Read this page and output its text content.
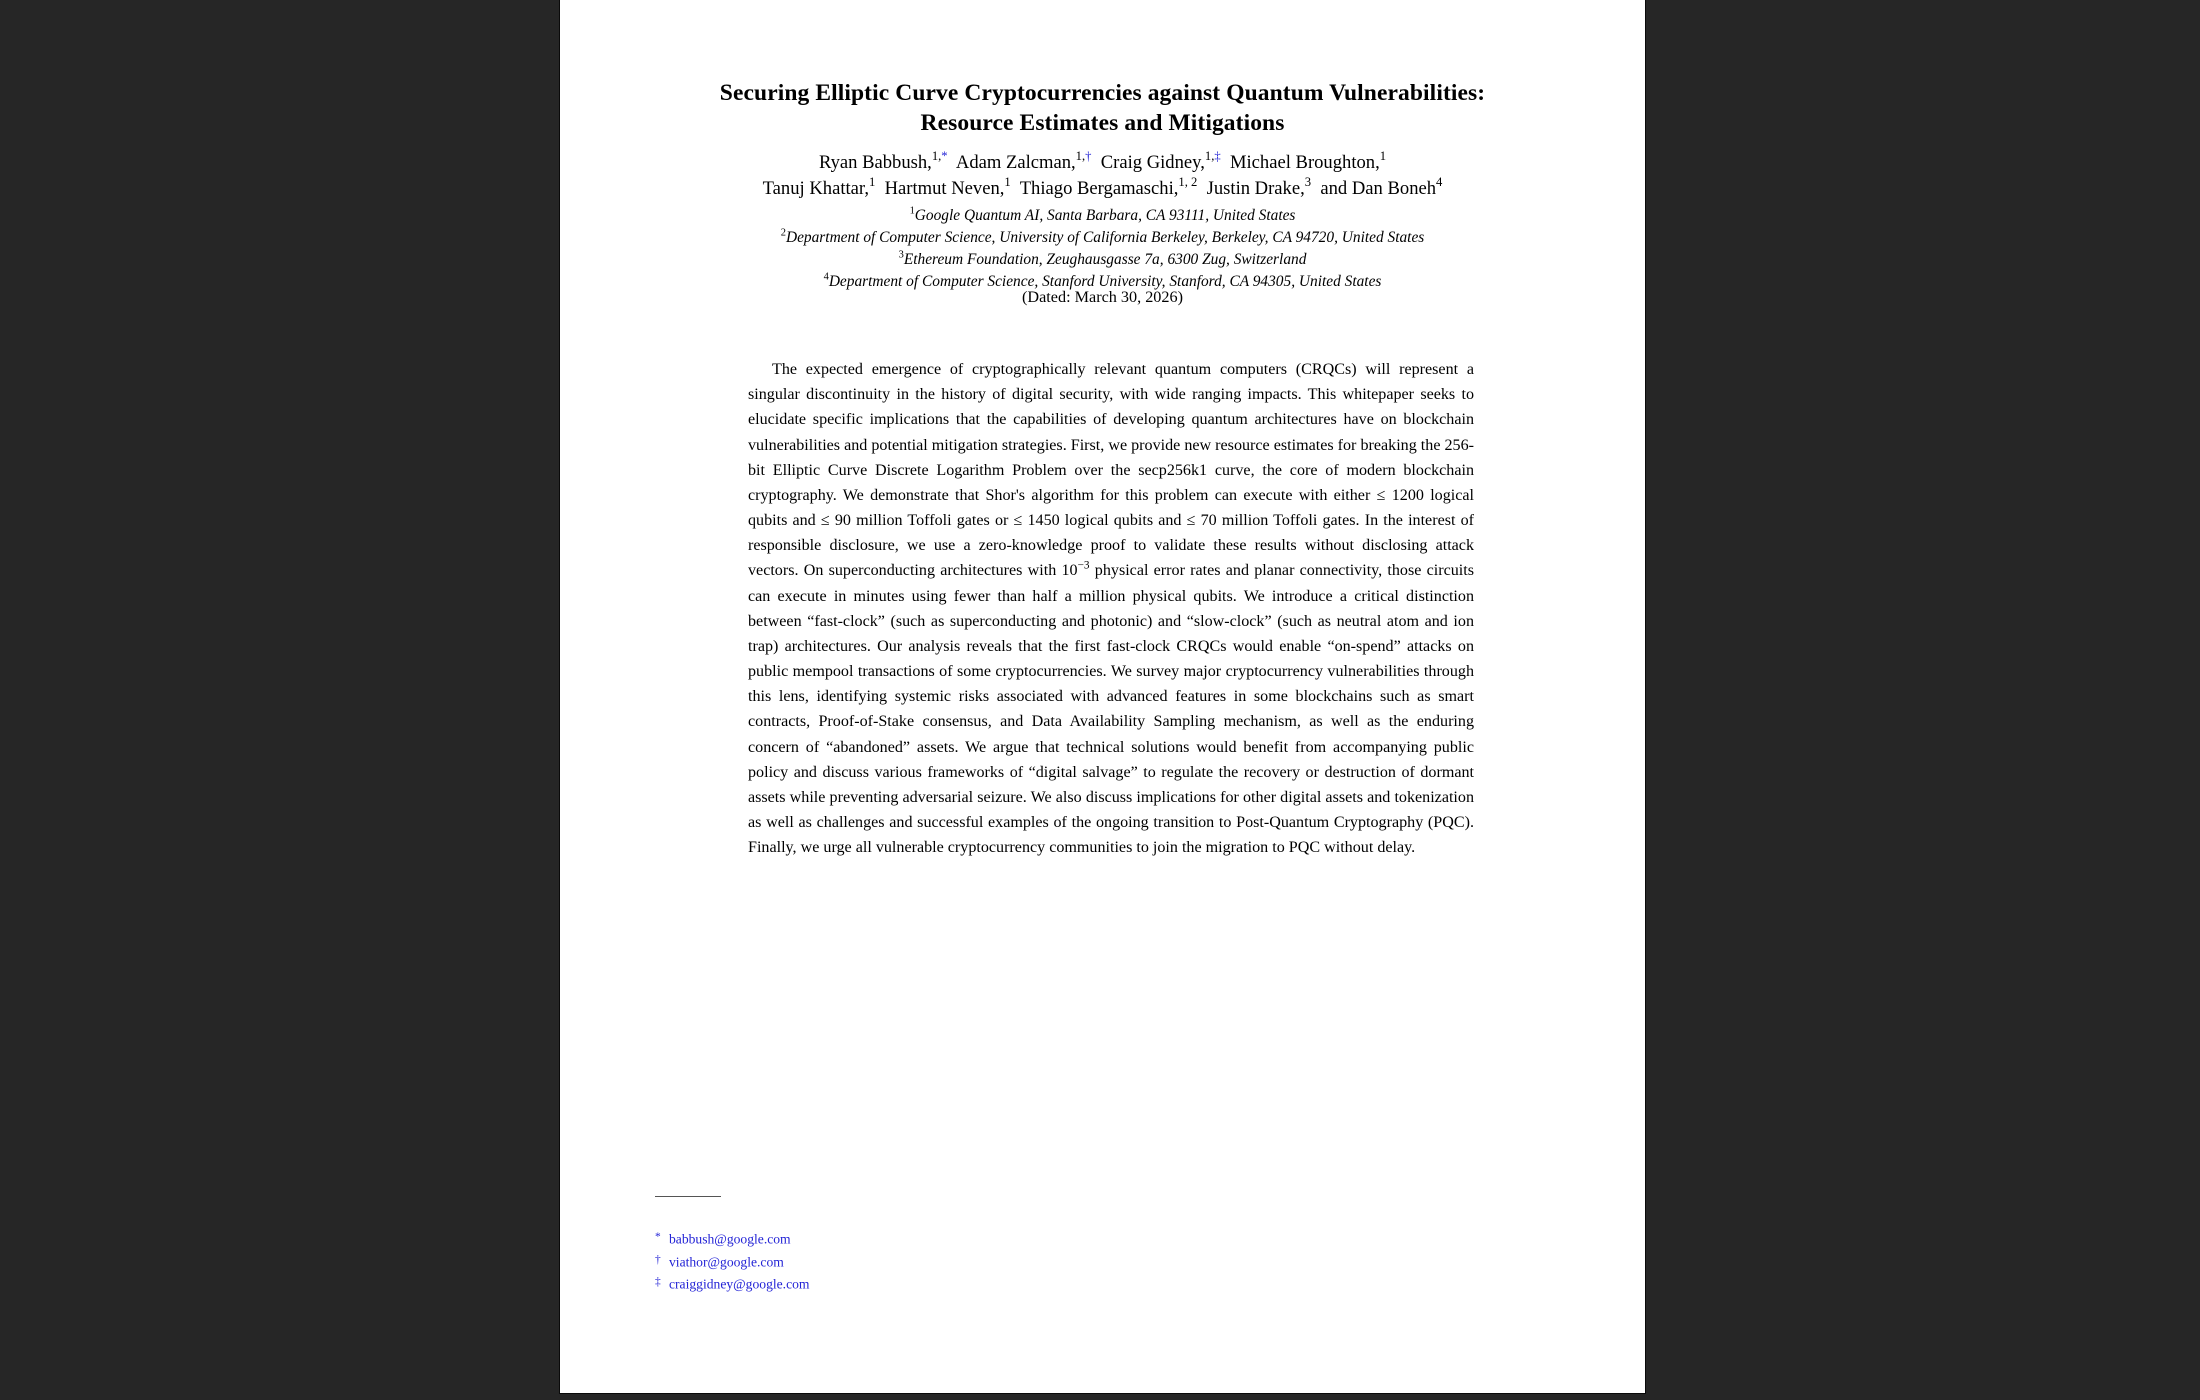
Securing Elliptic Curve Cryptocurrencies against Quantum Vulnerabilities:
Resource Estimates and Mitigations
Ryan Babbush,$^{1,*}$ Adam Zalcman,$^{1,\dagger}$ Craig Gidney,$^{1,\ddagger}$ Michael Broughton,$^1$
Tanuj Khattar,$^1$ Hartmut Neven,$^1$ Thiago Bergamaschi,$^{1, 2}$ Justin Drake,$^3$ and Dan Boneh$^4$
$^1$Google Quantum AI, Santa Barbara, CA 93111, United States
$^2$Department of Computer Science, University of California Berkeley, Berkeley, CA 94720, United States
$^3$Ethereum Foundation, Zeughausgasse 7a, 6300 Zug, Switzerland
$^4$Department of Computer Science, Stanford University, Stanford, CA 94305, United States
(Dated: March 30, 2026)
The expected emergence of cryptographically relevant quantum computers (CRQCs) will represent a singular discontinuity in the history of digital security, with wide ranging impacts. This whitepaper seeks to elucidate specific implications that the capabilities of developing quantum architectures have on blockchain vulnerabilities and potential mitigation strategies. First, we provide new resource estimates for breaking the 256-bit Elliptic Curve Discrete Logarithm Problem over the secp256k1 curve, the core of modern blockchain cryptography. We demonstrate that Shor's algorithm for this problem can execute with either ≤ 1200 logical qubits and ≤ 90 million Toffoli gates or ≤ 1450 logical qubits and ≤ 70 million Toffoli gates. In the interest of responsible disclosure, we use a zero-knowledge proof to validate these results without disclosing attack vectors. On superconducting architectures with $10^{-3}$ physical error rates and planar connectivity, those circuits can execute in minutes using fewer than half a million physical qubits. We introduce a critical distinction between “fast-clock” (such as superconducting and photonic) and “slow-clock” (such as neutral atom and ion trap) architectures. Our analysis reveals that the first fast-clock CRQCs would enable “on-spend” attacks on public mempool transactions of some cryptocurrencies. We survey major cryptocurrency vulnerabilities through this lens, identifying systemic risks associated with advanced features in some blockchains such as smart contracts, Proof-of-Stake consensus, and Data Availability Sampling mechanism, as well as the enduring concern of “abandoned” assets. We argue that technical solutions would benefit from accompanying public policy and discuss various frameworks of “digital salvage” to regulate the recovery or destruction of dormant assets while preventing adversarial seizure. We also discuss implications for other digital assets and tokenization as well as challenges and successful examples of the ongoing transition to Post-Quantum Cryptography (PQC). Finally, we urge all vulnerable cryptocurrency communities to join the migration to PQC without delay.
* babbush@google.com
† viathor@google.com
‡ craiggidney@google.com
